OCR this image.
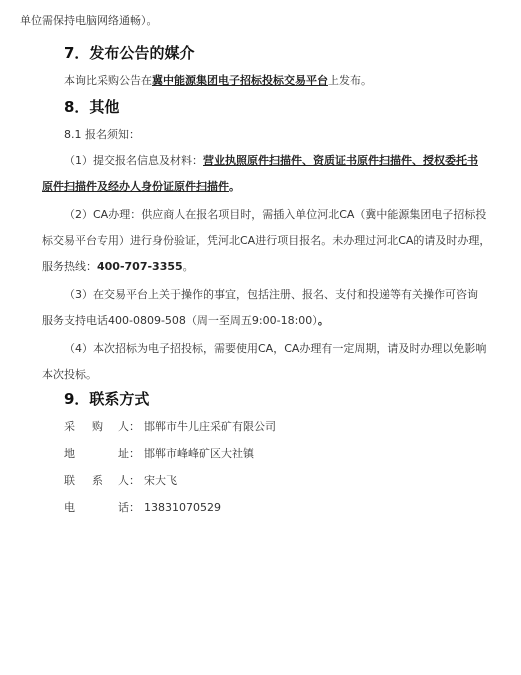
单位需保持电脑网络通畅）。
7．发布公告的媒介
本询比采购公告在冀中能源集团电子招标投标交易平台上发布。
8．其他
8.1 报名须知：
（1）提交报名信息及材料：营业执照原件扫描件、资质证书原件扫描件、授权委托书
原件扫描件及经办人身份证原件扫描件。
（2）CA办理：供应商人在报名项目时，需插入单位河北CA（冀中能源集团电子招标投
标交易平台专用）进行身份验证，凭河北CA进行项目报名。未办理过河北CA的请及时办理，
服务热线：400-707-3355。
（3）在交易平台上关于操作的事宜，包括注册、报名、支付和投递等有关操作可咨询
服务支持电话400-0809-508（周一至周五9:00-18:00）。
（4）本次招标为电子招投标，需要使用CA，CA办理有一定周期，请及时办理以免影响
本次投标。
9．联系方式
采 购 人： 邯郸市牛儿庄采矿有限公司
地	址： 邯郸市峰峰矿区大社镇
联 系 人： 宋大飞
电	话： 13831070529
